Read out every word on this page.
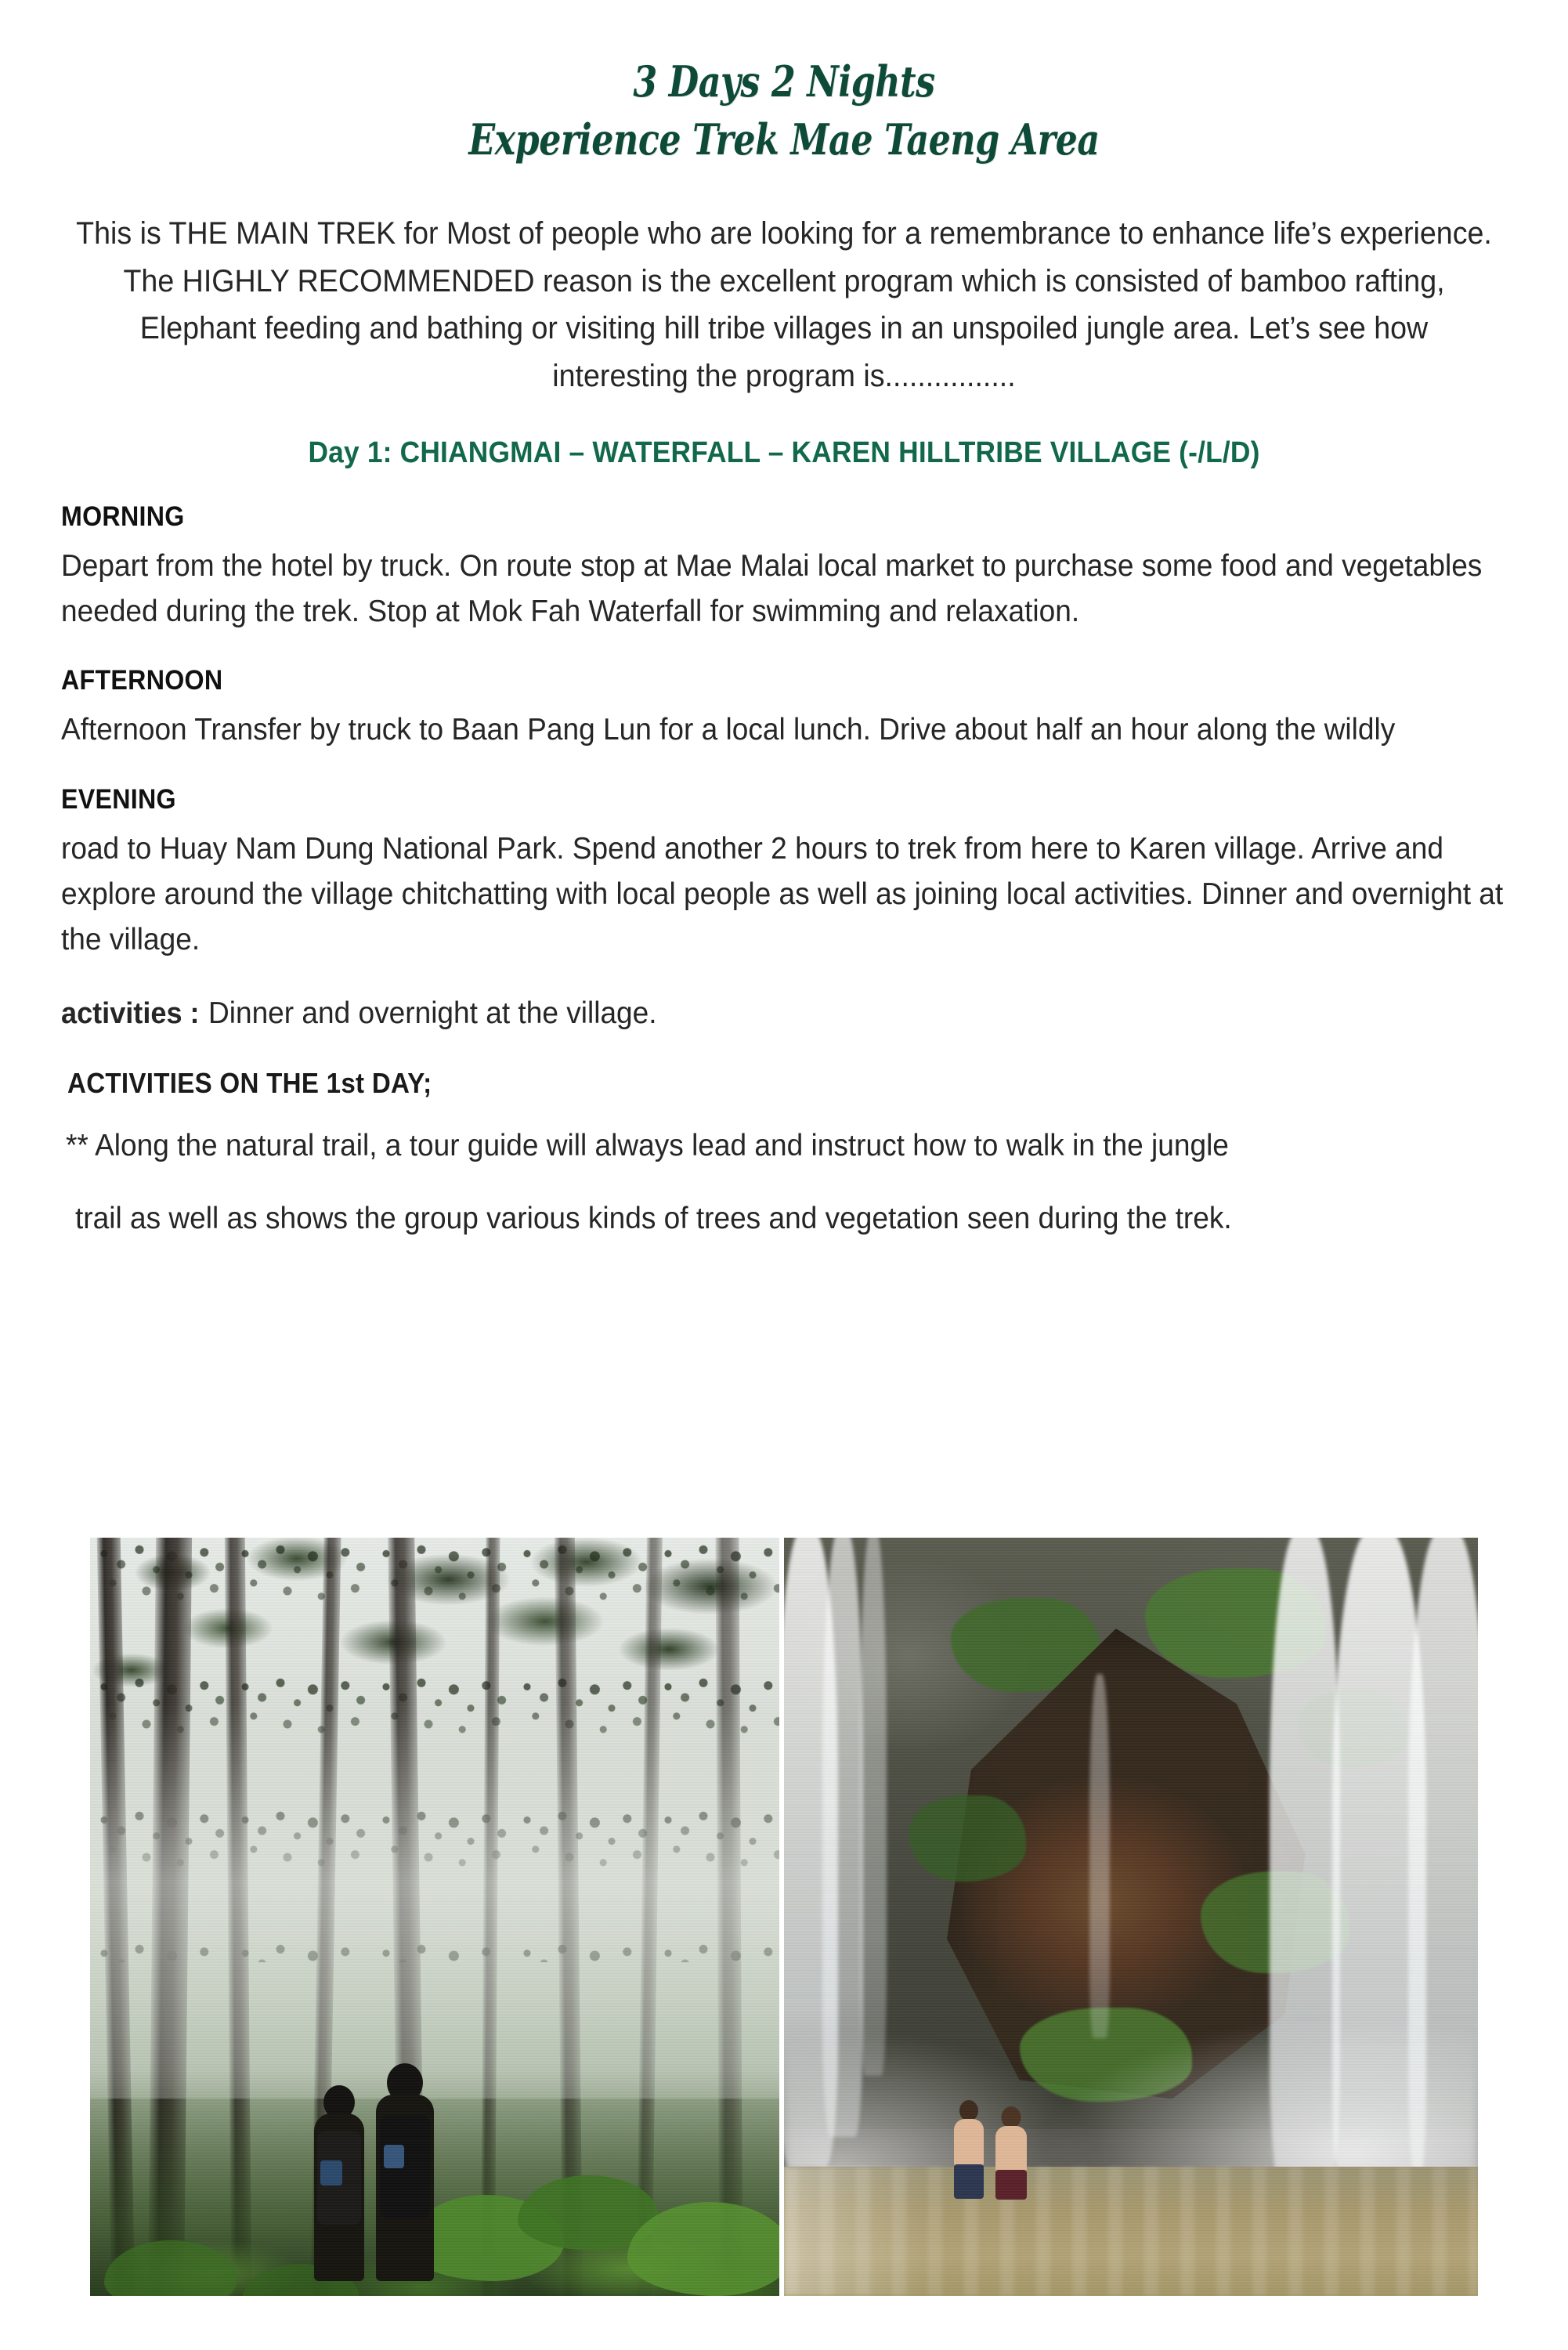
3 Days 2 Nights
Experience Trek Mae Taeng Area
This is THE MAIN TREK for Most of people who are looking for a remembrance to enhance life’s experience. The HIGHLY RECOMMENDED reason is the excellent program which is consisted of bamboo rafting, Elephant feeding and bathing or visiting hill tribe villages in an unspoiled jungle area. Let’s see how interesting the program is................
Day 1: CHIANGMAI – WATERFALL – KAREN HILLTRIBE VILLAGE (-/L/D)
MORNING
Depart from the hotel by truck. On route stop at Mae Malai local market to purchase some food and vegetables needed during the trek. Stop at Mok Fah Waterfall for swimming and relaxation.
AFTERNOON
Afternoon Transfer by truck to Baan Pang Lun for a local lunch. Drive about half an hour along the wildly
EVENING
road to Huay Nam Dung National Park. Spend another 2 hours to trek from here to Karen village. Arrive and explore around the village chitchatting with local people as well as joining local activities. Dinner and overnight at the village.
activities : Dinner and overnight at the village.
ACTIVITIES ON THE 1st DAY;
** Along the natural trail, a tour guide will always lead and instruct how to walk in the jungle
trail as well as shows the group various kinds of trees and vegetation seen during the trek.
